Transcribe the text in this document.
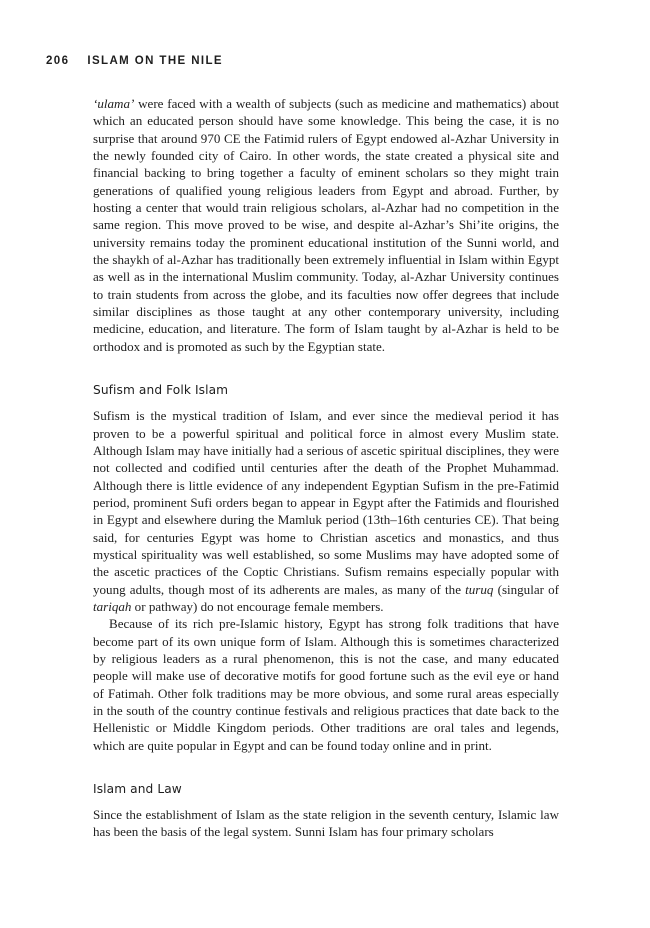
206 ISLAM ON THE NILE

‘ulama’ were faced with a wealth of subjects (such as medicine and mathematics) about which an educated person should have some knowledge. This being the case, it is no surprise that around 970 CE the Fatimid rulers of Egypt endowed al-Azhar University in the newly founded city of Cairo. In other words, the state created a physical site and financial backing to bring together a faculty of eminent scholars so they might train generations of qualified young religious leaders from Egypt and abroad. Further, by hosting a center that would train religious scholars, al-Azhar had no competition in the same region. This move proved to be wise, and despite al-Azhar’s Shi’ite origins, the university remains today the prominent educational institution of the Sunni world, and the shaykh of al-Azhar has traditionally been extremely influential in Islam within Egypt as well as in the international Muslim community. Today, al-Azhar University continues to train students from across the globe, and its faculties now offer degrees that include similar disciplines as those taught at any other contemporary university, including medicine, education, and literature. The form of Islam taught by al-Azhar is held to be orthodox and is promoted as such by the Egyptian state.

Sufism and Folk Islam

Sufism is the mystical tradition of Islam, and ever since the medieval period it has proven to be a powerful spiritual and political force in almost every Muslim state. Although Islam may have initially had a serious of ascetic spiritual disciplines, they were not collected and codified until centuries after the death of the Prophet Muhammad. Although there is little evidence of any independent Egyptian Sufism in the pre-Fatimid period, prominent Sufi orders began to appear in Egypt after the Fatimids and flourished in Egypt and elsewhere during the Mamluk period (13th–16th centuries CE). That being said, for centuries Egypt was home to Christian ascetics and monastics, and thus mystical spirituality was well established, so some Muslims may have adopted some of the ascetic practices of the Coptic Christians. Sufism remains especially popular with young adults, though most of its adherents are males, as many of the turuq (singular of tariqah or pathway) do not encourage female members.

Because of its rich pre-Islamic history, Egypt has strong folk traditions that have become part of its own unique form of Islam. Although this is sometimes characterized by religious leaders as a rural phenomenon, this is not the case, and many educated people will make use of decorative motifs for good fortune such as the evil eye or hand of Fatimah. Other folk traditions may be more obvious, and some rural areas especially in the south of the country continue festivals and religious practices that date back to the Hellenistic or Middle Kingdom periods. Other traditions are oral tales and legends, which are quite popular in Egypt and can be found today online and in print.

Islam and Law

Since the establishment of Islam as the state religion in the seventh century, Islamic law has been the basis of the legal system. Sunni Islam has four primary scholars
